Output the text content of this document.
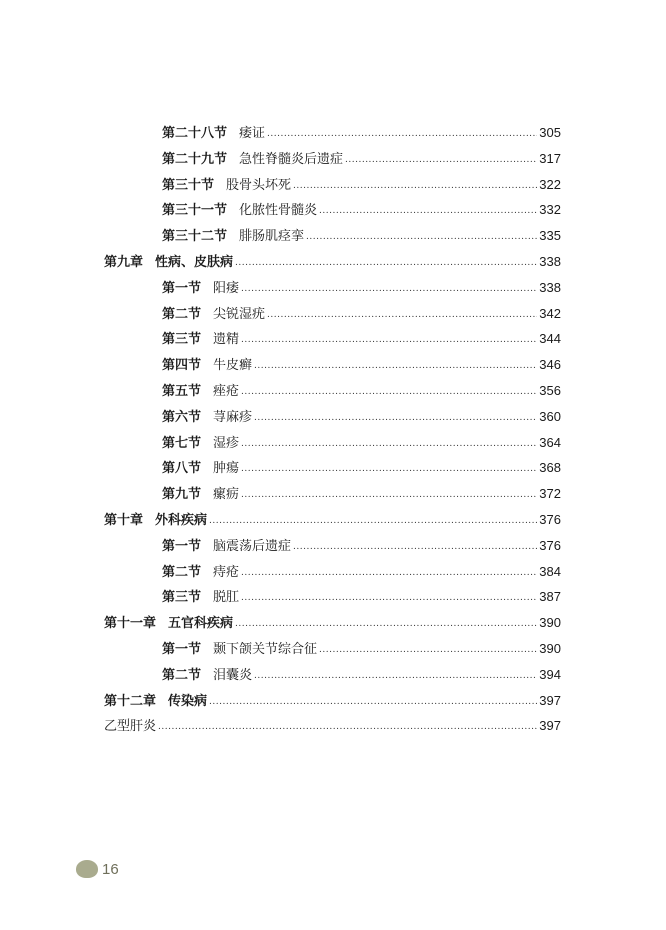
第二十八节 痿证 .....	305
第二十九节 急性脊髓炎后遗症 .....	317
第三十节 股骨头坏死 .....	322
第三十一节 化脓性骨髓炎 .....	332
第三十二节 腓肠肌痉挛 .....	335
第九章 性病、皮肤病 .....	338
第一节 阳痿 .....	338
第二节 尖锐湿疣 .....	342
第三节 遗精 .....	344
第四节 牛皮癣 .....	346
第五节 痤疮 .....	356
第六节 荨麻疹 .....	360
第七节 湿疹 .....	364
第八节 肿瘍 .....	368
第九节 瘰疬 .....	372
第十章 外科疾病 .....	376
第一节 脑震荡后遗症 .....	376
第二节 痔疮 .....	384
第三节 脱肛 .....	387
第十一章 五官科疾病 .....	390
第一节 颞下颌关节综合征 .....	390
第二节 泪囊炎 .....	394
第十二章 传染病 .....	397
乙型肝炎 .....	397
16
